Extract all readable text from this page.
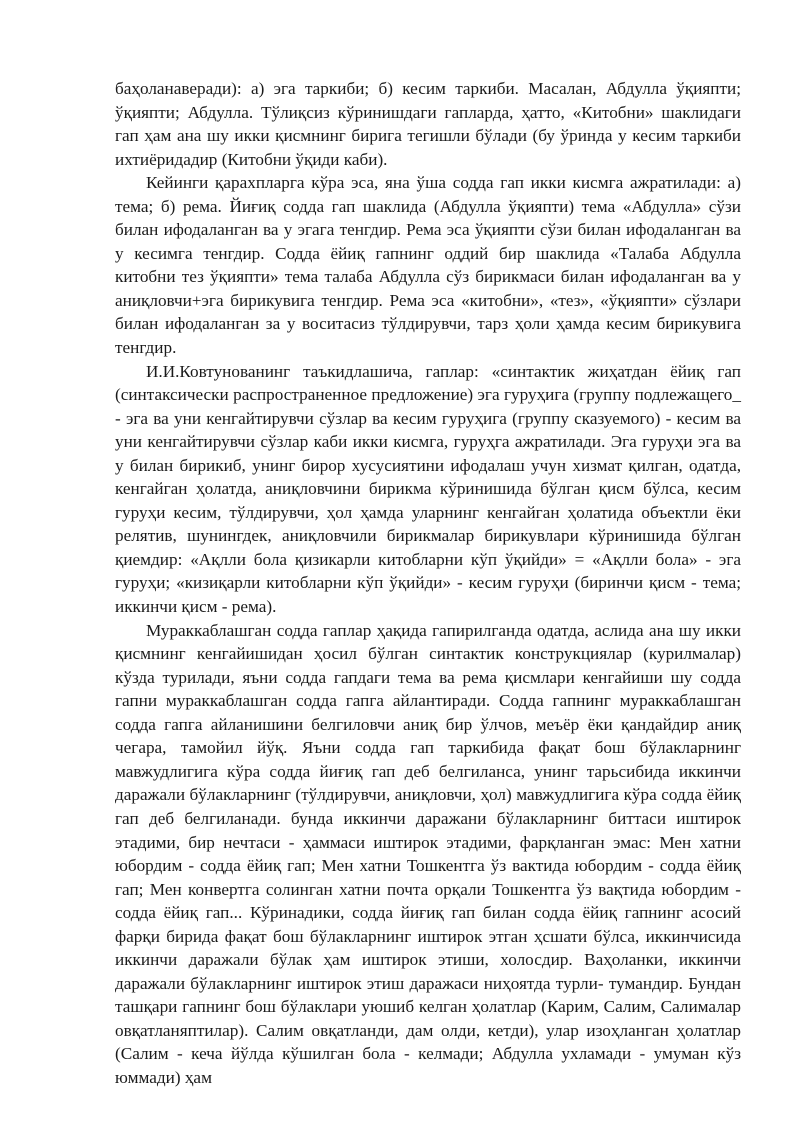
баҳоланаверади): а) эга таркиби; б) кесим таркиби. Масалан, Абдулла ўқияпти; ўқияпти; Абдулла. Тўлиқсиз кўринишдаги гапларда, ҳатто, «Китобни» шаклидаги гап ҳам ана шу икки қисмнинг бирига тегишли бўлади (бу ўринда у кесим таркиби ихтиёридадир (Китобни ўқиди каби).

Кейинги қарахпларга кўра эса, яна ўша содда гап икки кисмга ажратилади: а) тема; б) рема. Йиғиқ содда гап шаклида (Абдулла ўқияпти) тема «Абдулла» сўзи билан ифодаланган ва у эгага тенгдир. Рема эса ўқияпти сўзи билан ифодаланган ва у кесимга тенгдир. Содда ёйиқ гапнинг оддий бир шаклида «Талаба Абдулла китобни тез ўқияпти» тема талаба Абдулла сўз бирикмаси билан ифодаланган ва у аниқловчи+эга бирикувига тенгдир. Рема эса «китобни», «тез», «ўқияпти» сўзлари билан ифодаланган за у воситасиз тўлдирувчи, тарз ҳоли ҳамда кесим бирикувига тенгдир.

И.И.Ковтунованинг таъкидлашича, гаплар: «синтактик жиҳатдан ёйиқ гап (синтаксически распространенное предложение) эга гуруҳига (группу подлежащего_ - эга ва уни кенгайтирувчи сўзлар ва кесим гуруҳига (группу сказуемого) - кесим ва уни кенгайтирувчи сўзлар каби икки кисмга, гуруҳга ажратилади. Эга гуруҳи эга ва у билан бирикиб, унинг бирор хусусиятини ифодалаш учун хизмат қилган, одатда, кенгайган ҳолатда, аниқловчини бирикма кўринишида бўлган қисм бўлса, кесим гуруҳи кесим, тўлдирувчи, ҳол ҳамда уларнинг кенгайган ҳолатида объектли ёки релятив, шунингдек, аниқловчили бирикмалар бирикувлари кўринишида бўлган қиемдир: «Ақлли бола қизикарли китобларни кўп ўқийди» = «Ақлли бола» - эга гуруҳи; «кизиқарли китобларни кўп ўқийди» - кесим гуруҳи (биринчи қисм - тема; иккинчи қисм - рема).

Мураккаблашган содда гаплар ҳақида гапирилганда одатда, аслида ана шу икки қисмнинг кенгайишидан ҳосил бўлган синтактик конструкциялар (курилмалар) кўзда турилади, яъни содда гапдаги тема ва рема қисмлари кенгайиши шу содда гапни мураккаблашган содда гапга айлантиради. Содда гапнинг мураккаблашган содда гапга айланишини белгиловчи аниқ бир ўлчов, меъёр ёки қандайдир аниқ чегара, тамойил йўқ. Яъни содда гап таркибида фақат бош бўлакларнинг мавжудлигига кўра содда йиғиқ гап деб белгиланса, унинг тарьсибида иккинчи даражали бўлакларнинг (тўлдирувчи, аниқловчи, ҳол) мавжудлигига кўра содда ёйиқ гап деб белгиланади. бунда иккинчи даражани бўлакларнинг биттаси иштирок этадими, бир нечтаси - ҳаммаси иштирок этадими, фарқланган эмас: Мен хатни юбордим - содда ёйиқ гап; Мен хатни Тошкентга ўз вактида юбордим - содда ёйиқ гап; Мен конвертга солинган хатни почта орқали Тошкентга ўз вақтида юбордим - содда ёйиқ гап... Кўринадики, содда йиғиқ гап билан содда ёйиқ гапнинг асосий фарқи бирида фақат бош бўлакларнинг иштирок этган ҳсшати бўлса, иккинчисида иккинчи даражали бўлак ҳам иштирок этиши, холосдир. Baҳоланки, иккинчи даражали бўлакларнинг иштирок этиш даражаси ниҳоятда турли- тумандир. Бундан ташқари гапнинг бош бўлаклари уюшиб келган ҳолатлар (Карим, Салим, Салималар овқатланяптилар). Салим овқатланди, дам олди, кетди), улар изоҳланган ҳолатлар (Салим - кеча йўлда кўшилган бола - келмади; Абдулла ухламади - умуман кўз юммади) ҳам
